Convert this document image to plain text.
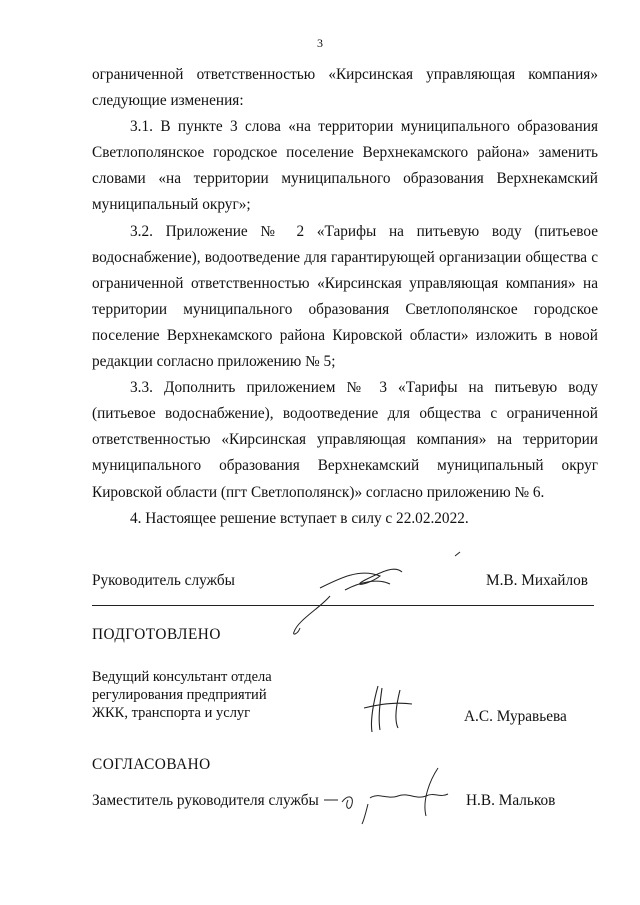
3

ограниченной ответственностью «Кирсинская управляющая компания» следующие изменения:

3.1. В пункте 3 слова «на территории муниципального образования Светлополянское городское поселение Верхнекамского района» заменить словами «на территории муниципального образования Верхнекамский муниципальный округ»;

3.2. Приложение № 2 «Тарифы на питьевую воду (питьевое водоснабжение), водоотведение для гарантирующей организации общества с ограниченной ответственностью «Кирсинская управляющая компания» на территории муниципального образования Светлополянское городское поселение Верхнекамского района Кировской области» изложить в новой редакции согласно приложению № 5;

3.3. Дополнить приложением № 3 «Тарифы на питьевую воду (питьевое водоснабжение), водоотведение для общества с ограниченной ответственностью «Кирсинская управляющая компания» на территории муниципального образования Верхнекамский муниципальный округ Кировской области (пгт Светлополянск)» согласно приложению № 6.

4. Настоящее решение вступает в силу с 22.02.2022.

Руководитель службы	М.В. Михайлов
ПОДГОТОВЛЕНО
Ведущий консультант отдела
регулирования предприятий
ЖКК, транспорта и услуг	А.С. Муравьева
СОГЛАСОВАНО
Заместитель руководителя службы	Н.В. Мальков
